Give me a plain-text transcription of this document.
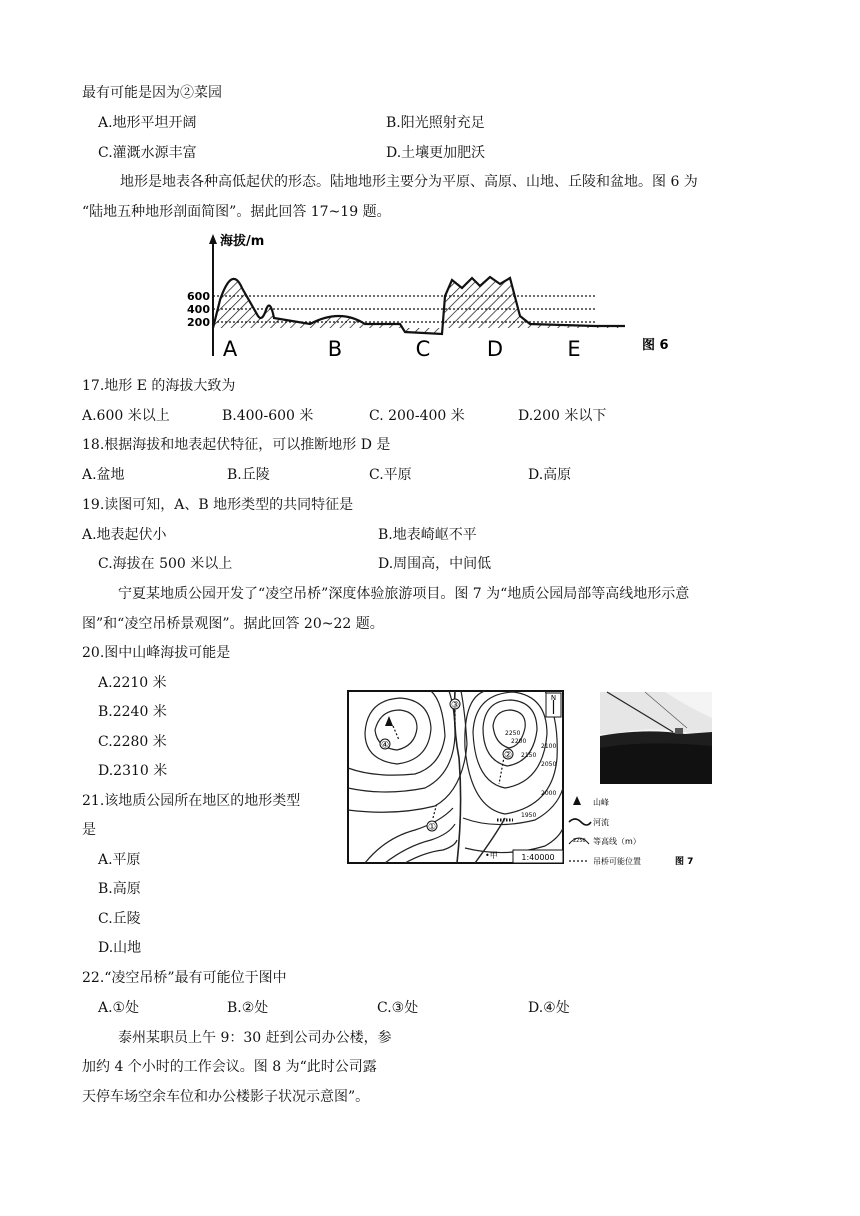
最有可能是因为②菜园
A.地形平坦开阔	B.阳光照射充足
C.灌溉水源丰富	D.土壤更加肥沃
地形是地表各种高低起伏的形态。陆地地形主要分为平原、高原、山地、丘陵和盆地。图 6 为
“陆地五种地形剖面简图”。据此回答 17~19 题。
600
400
200
海拔/m
A	B	C	D	E	图 6
17.地形 E 的海拔大致为
A.600 米以上	B.400-600 米	C. 200-400 米	D.200 米以下
18.根据海拔和地表起伏特征，可以推断地形 D 是
A.盆地	B.丘陵	C.平原	D.高原
19.读图可知，A、B 地形类型的共同特征是
A.地表起伏小	B.地表崎岖不平
C.海拔在 500 米以上	D.周围高，中间低
宁夏某地质公园开发了“凌空吊桥”深度体验旅游项目。图 7 为“地质公园局部等高线地形示意
图”和“凌空吊桥景观图”。据此回答 20~22 题。
20.图中山峰海拔可能是
A.2210 米
B.2240 米
C.2280 米
D.2310 米
21.该地质公园所在地区的地形类型
是
A.平原
B.高原
C.丘陵
D.山地
④
③
②
①
2250
2200
2150
2100
2050
2000
1950
•甲	1:40000
N
山峰
河流
2250 等高线（m）
吊桥可能位置	图 7
22.“凌空吊桥”最有可能位于图中
A.①处	B.②处	C.③处	D.④处
泰州某职员上午 9：30 赶到公司办公楼，参
加约 4 个小时的工作会议。图 8 为“此时公司露
天停车场空余车位和办公楼影子状况示意图”。
